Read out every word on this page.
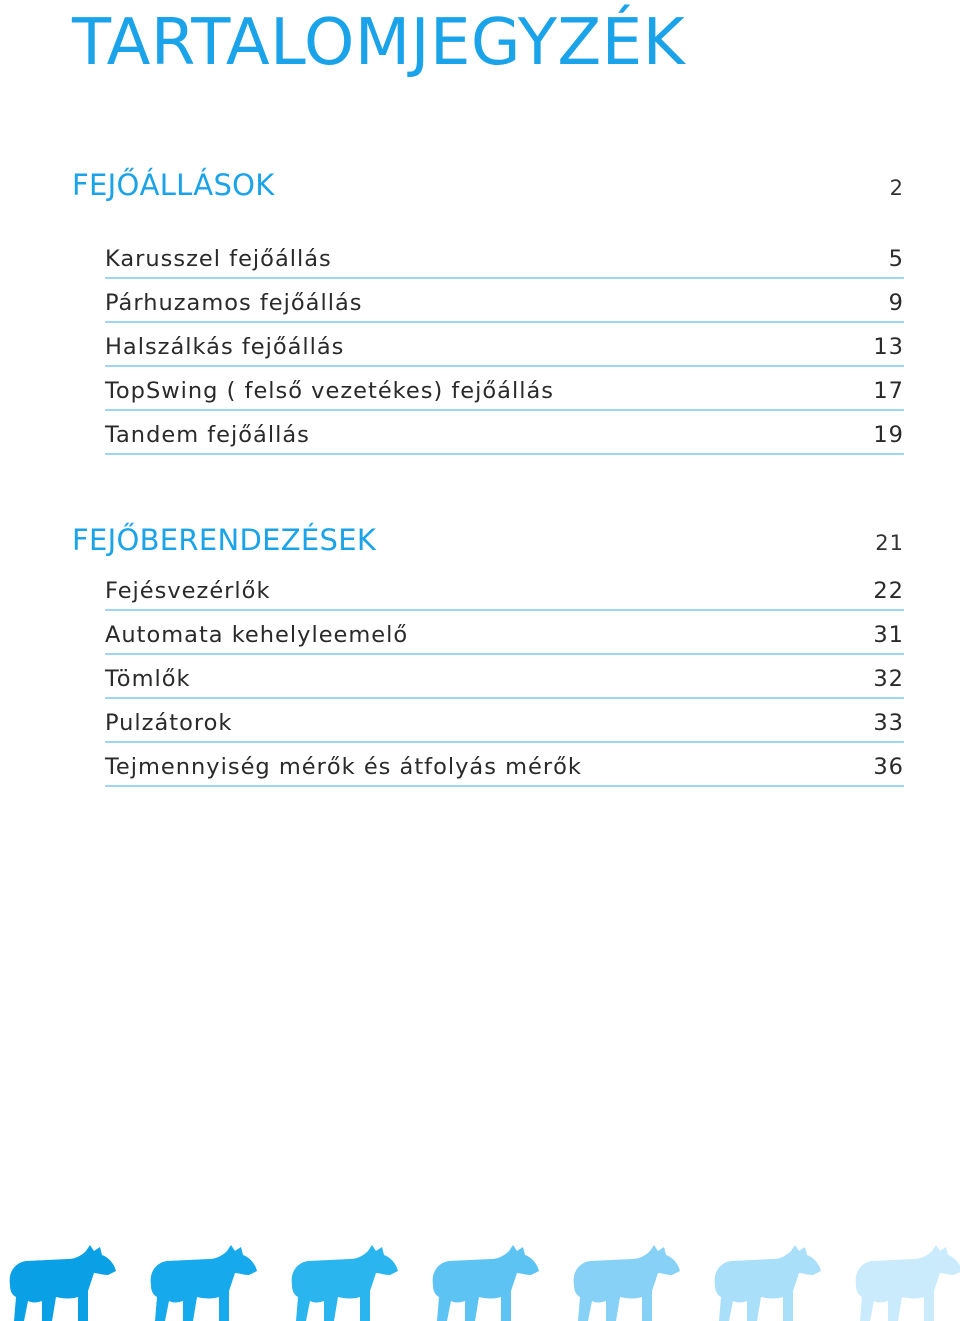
TARTALOMJEGYZÉK
FEJŐÁLLÁSOK	2
Karusszel fejőállás	5
Párhuzamos fejőállás	9
Halszálkás fejőállás	13
TopSwing ( felső vezetékes) fejőállás	17
Tandem fejőállás	19
FEJŐBERENDEZÉSEK	21
Fejésvezérlők	22
Automata kehelyleemelő	31
Tömlők	32
Pulzátorok	33
Tejmennyiség mérők és átfolyás mérők	36
